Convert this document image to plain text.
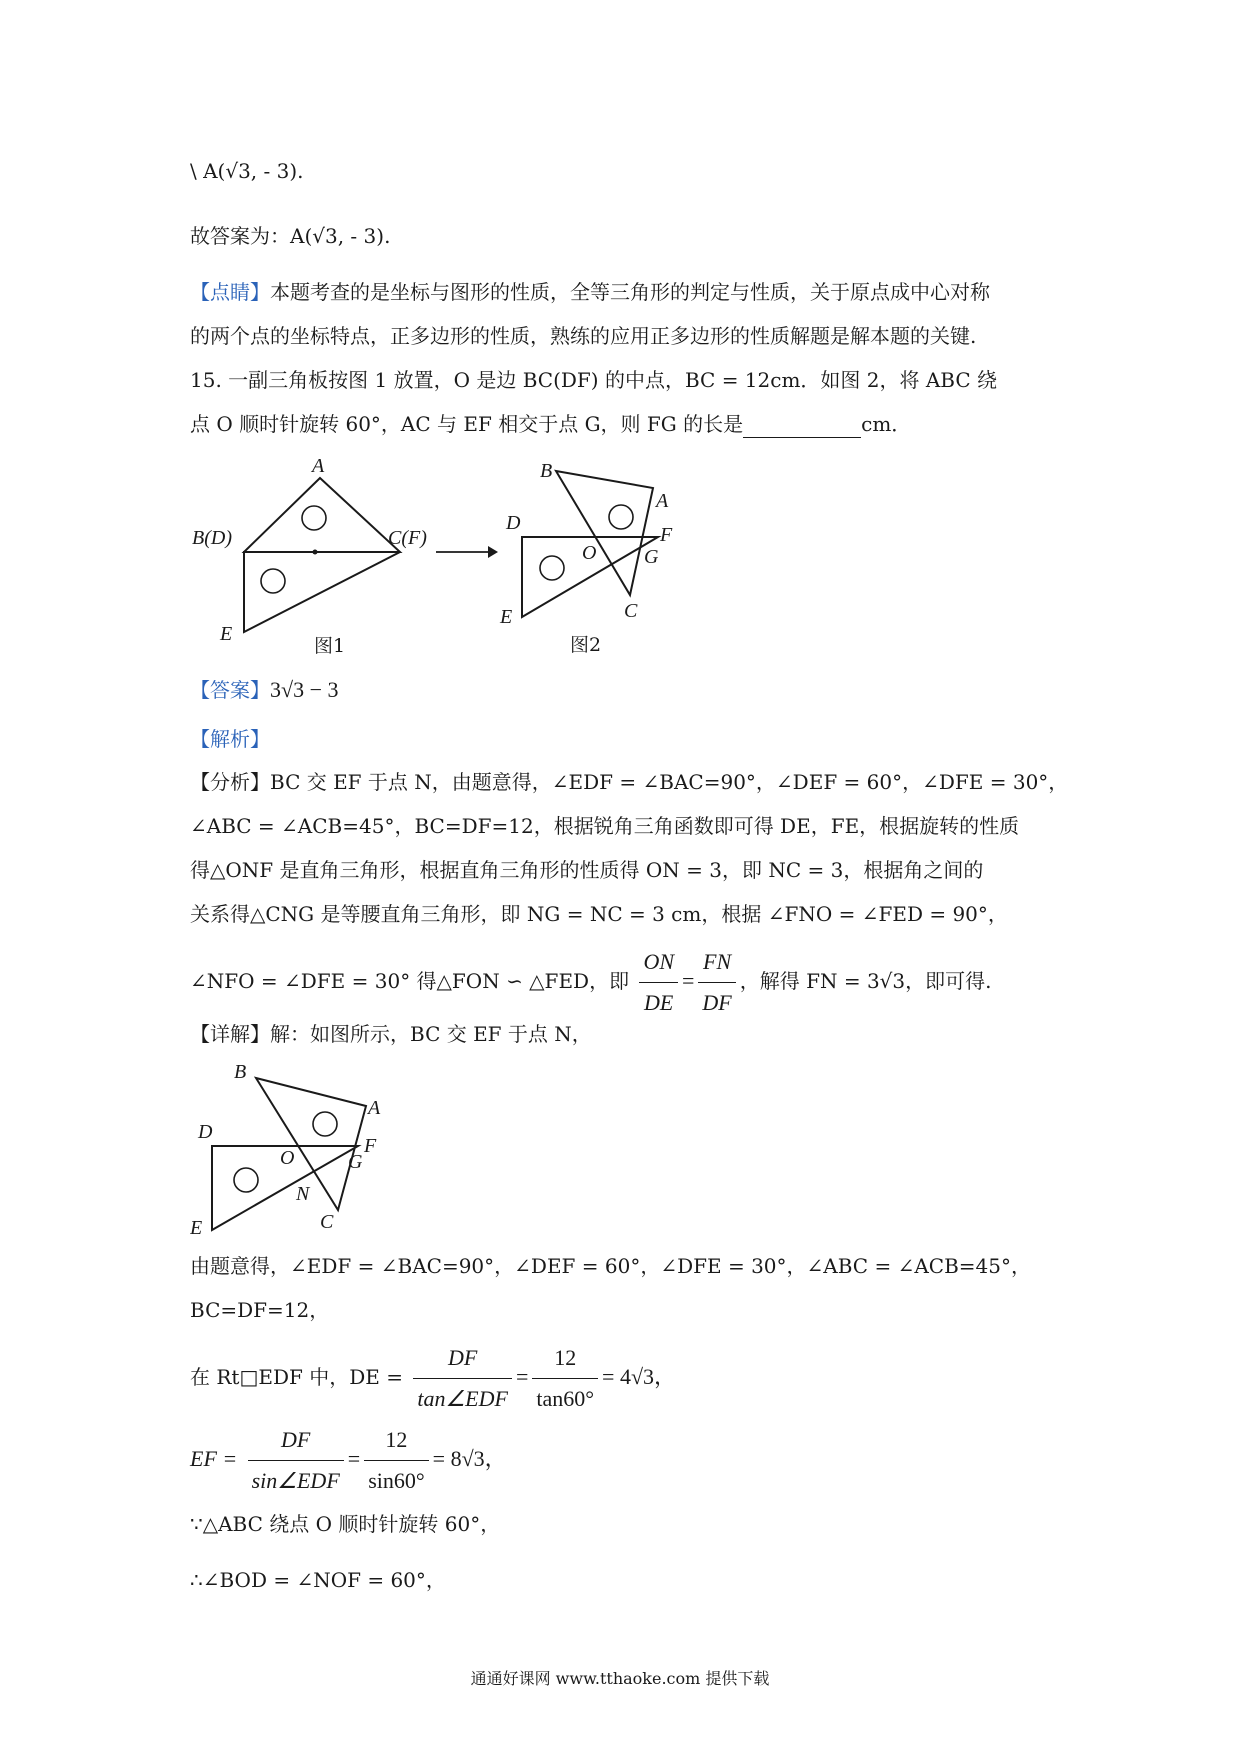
\ A(√3, - 3).
故答案为：A(√3, - 3).
【点睛】本题考查的是坐标与图形的性质，全等三角形的判定与性质，关于原点成中心对称
的两个点的坐标特点，正多边形的性质，熟练的应用正多边形的性质解题是解本题的关键.
15. 一副三角板按图 1 放置，O 是边 BC(DF) 的中点，BC = 12cm．如图 2，将 ABC 绕
点 O 顺时针旋转 60°，AC 与 EF 相交于点 G，则 FG 的长是	cm．
A
B(D)	C(F)
E
图1
B
A
F
D
O G
C
E
图2
【答案】3√3 − 3
【解析】
【分析】BC 交 EF 于点 N，由题意得，∠EDF = ∠BAC=90°，∠DEF = 60°，∠DFE = 30°，
∠ABC = ∠ACB=45°，BC=DF=12，根据锐角三角函数即可得 DE，FE，根据旋转的性质
得△ONF 是直角三角形，根据直角三角形的性质得 ON = 3，即 NC = 3，根据角之间的
关系得△CNG 是等腰直角三角形，即 NG = NC = 3 cm，根据 ∠FNO = ∠FED = 90°，
∠NFO = ∠DFE = 30° 得△FON ∽ △FED，即 $\frac{ON}{DE} = \frac{FN}{DF}$ ，解得 FN = 3√3，即可得.
【详解】解：如图所示，BC 交 EF 于点 N，
B
A
D
F
O	G
N
C
E
由题意得，∠EDF = ∠BAC=90°，∠DEF = 60°，∠DFE = 30°，∠ABC = ∠ACB=45°，
BC=DF=12，
在 Rt□EDF 中，DE = $\frac{DF}{\text{tan∠EDF}} = \frac{12}{\tan 60^\circ} = 4√3$，
EF = $\frac{DF}{\text{sin∠EDF}} = \frac{12}{\sin 60^\circ} = 8√3$，
∵△ABC 绕点 O 顺时针旋转 60°，
∴∠BOD = ∠NOF = 60°，
通通好课网 www.tthaoke.com 提供下载
